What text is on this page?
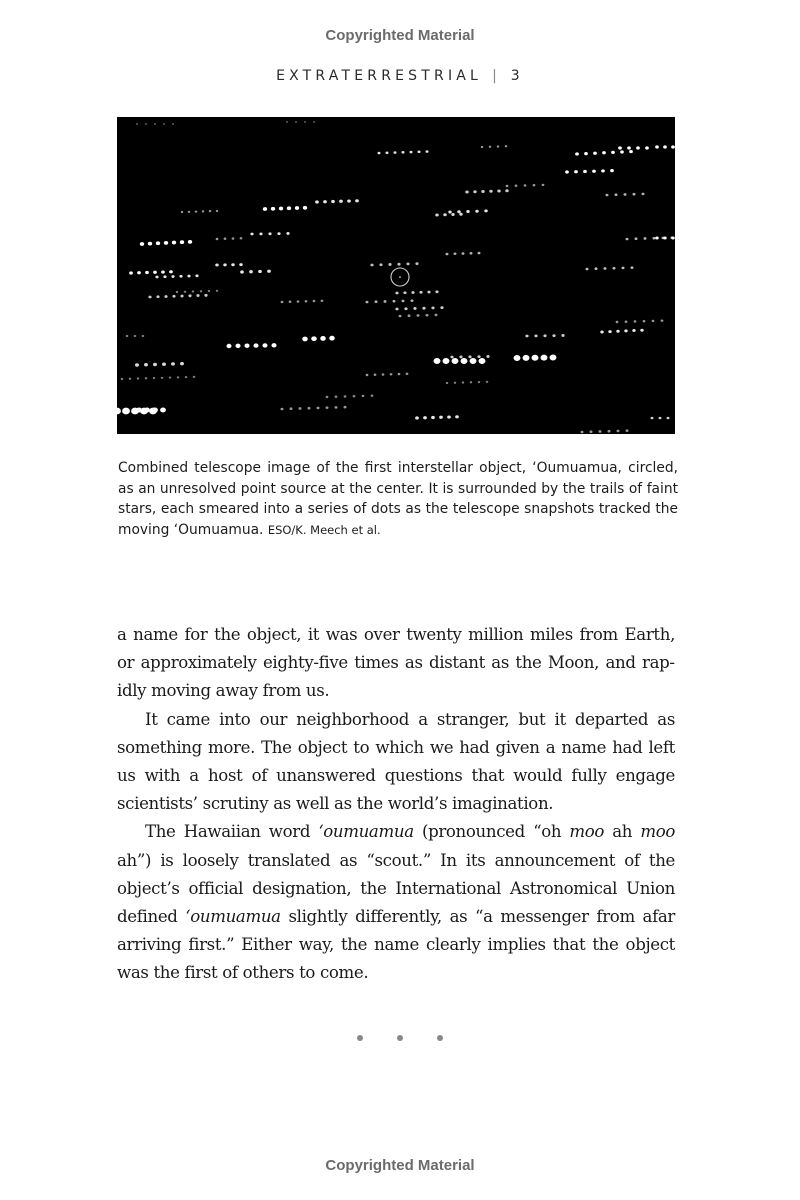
Copyrighted Material
EXTRATERRESTRIAL | 3
Combined telescope image of the first interstellar object, ‘Oumuamua, circled, as an unresolved point source at the center. It is surrounded by the trails of faint stars, each smeared into a series of dots as the telescope snapshots tracked the moving ‘Oumuamua. ESO/K. Meech et al.

a name for the object, it was over twenty million miles from Earth, or approximately eighty-five times as distant as the Moon, and rapidly moving away from us.

It came into our neighborhood a stranger, but it departed as something more. The object to which we had given a name had left us with a host of unanswered questions that would fully engage scientists’ scrutiny as well as the world’s imagination.

The Hawaiian word ‘oumuamua (pronounced “oh moo ah moo ah”) is loosely translated as “scout.” In its announcement of the object’s official designation, the International Astronomical Union defined ‘oumuamua slightly differently, as “a messenger from afar arriving first.” Either way, the name clearly implies that the object was the first of others to come.

Copyrighted Material
